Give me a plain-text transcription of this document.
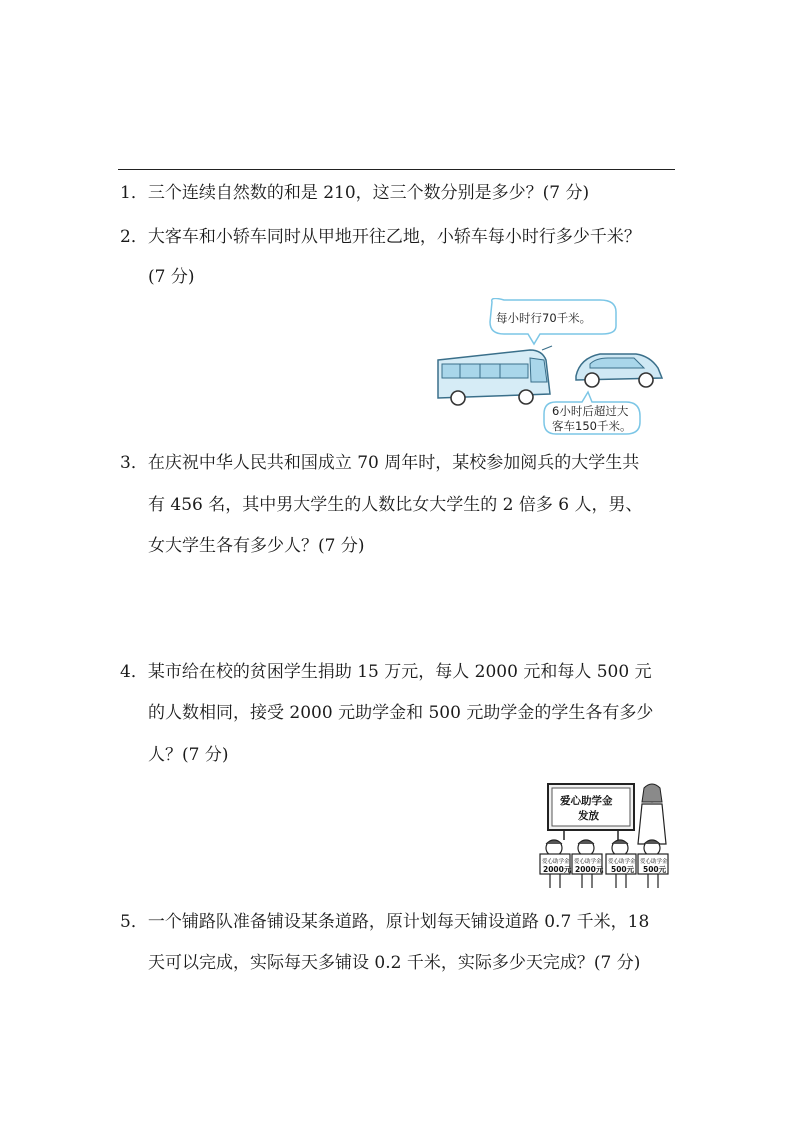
1．三个连续自然数的和是 210，这三个数分别是多少？(7 分)
2．大客车和小轿车同时从甲地开往乙地，小轿车每小时行多少千米？
(7 分)
每小时行70千米。
6小时后超过大
客车150千米。
3．在庆祝中华人民共和国成立 70 周年时，某校参加阅兵的大学生共
有 456 名，其中男大学生的人数比女大学生的 2 倍多 6 人，男、
女大学生各有多少人？(7 分)
4．某市给在校的贫困学生捐助 15 万元，每人 2000 元和每人 500 元
的人数相同，接受 2000 元助学金和 500 元助学金的学生各有多少
人？(7 分)
爱心助学金
发放
爱心助学金
2000元
爱心助学金
2000元
爱心助学金
500元
爱心助学金
500元
5．一个铺路队准备铺设某条道路，原计划每天铺设道路 0.7 千米，18
天可以完成，实际每天多铺设 0.2 千米，实际多少天完成？(7 分)
